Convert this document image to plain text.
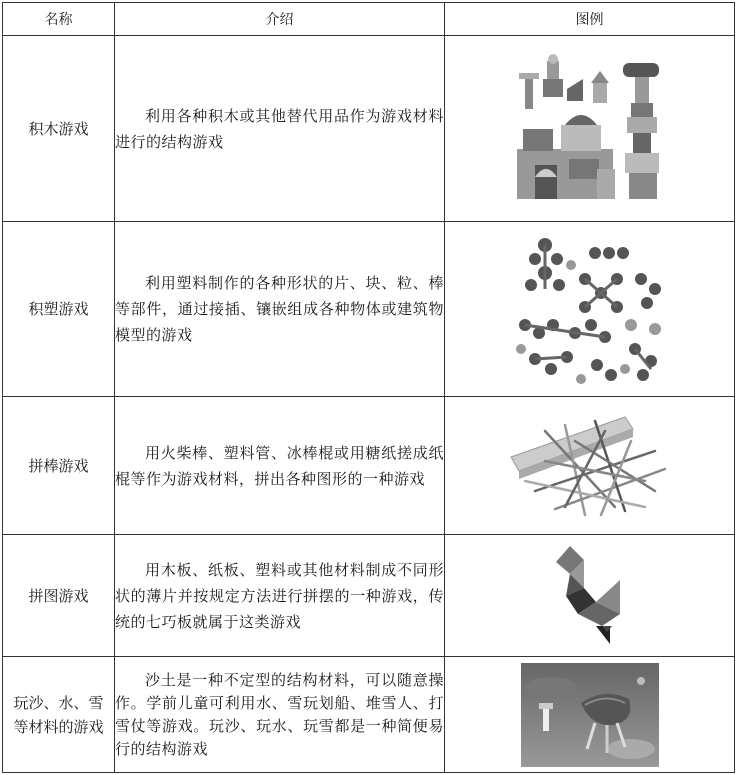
名称	介绍	图例
积木游戏	利用各种积木或其他替代用品作为游戏材料进行的结构游戏	

积塑游戏	利用塑料制作的各种形状的片、块、粒、棒等部件，通过接插、镶嵌组成各种物体或建筑物模型的游戏	

拼棒游戏	用火柴棒、塑料管、冰棒棍或用糖纸搓成纸棍等作为游戏材料，拼出各种图形的一种游戏	

拼图游戏	用木板、纸板、塑料或其他材料制成不同形状的薄片并按规定方法进行拼摆的一种游戏，传统的七巧板就属于这类游戏	

玩沙、水、雪等材料的游戏	沙土是一种不定型的结构材料，可以随意操作。学前儿童可利用水、雪玩划船、堆雪人、打雪仗等游戏。玩沙、玩水、玩雪都是一种简便易行的结构游戏	
